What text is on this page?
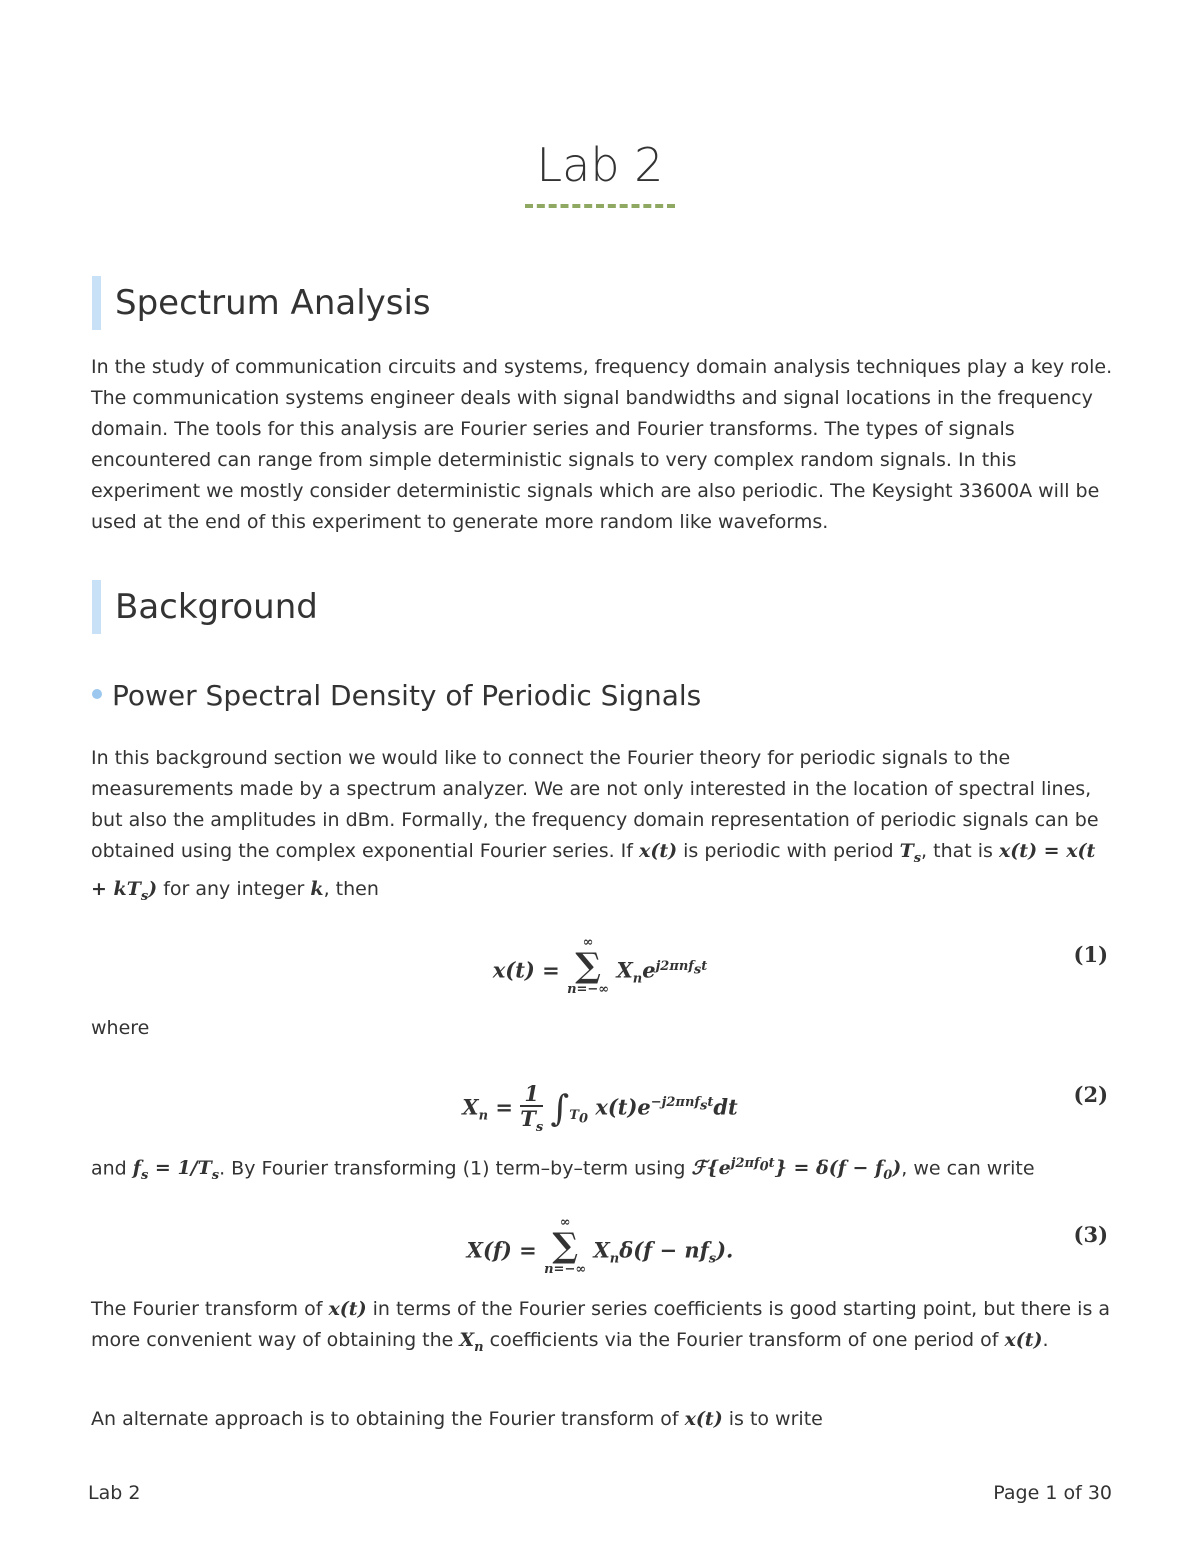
Lab 2
Spectrum Analysis
In the study of communication circuits and systems, frequency domain analysis techniques play a key role. The communication systems engineer deals with signal bandwidths and signal locations in the frequency domain. The tools for this analysis are Fourier series and Fourier transforms. The types of signals encountered can range from simple deterministic signals to very complex random signals. In this experiment we mostly consider deterministic signals which are also periodic. The Keysight 33600A will be used at the end of this experiment to generate more random like waveforms.
Background
Power Spectral Density of Periodic Signals
In this background section we would like to connect the Fourier theory for periodic signals to the measurements made by a spectrum analyzer. We are not only interested in the location of spectral lines, but also the amplitudes in dBm. Formally, the frequency domain representation of periodic signals can be obtained using the complex exponential Fourier series. If x(t) is periodic with period $T_s$, that is $x(t) = x(t + kT_s)$ for any integer k, then
x(t) =
∞
∑
n=−∞
$X_ne^{j2\pi nf_st}$	(1)
where
$X_n = \frac{1}{T_s} \int_{T_0}$ $x(t)e^{-j2\pi nf_st}dt$	(2)
and $f_s = 1/T_s$. By Fourier transforming (1) term–by–term using $ℱ\{e^{j2\pi f_0t}\} = \delta(f - f_0)$, we can write
X(f) =
∞
∑
n=−∞
$X_n\delta(f - nf_s)$.
(3)
The Fourier transform of x(t) in terms of the Fourier series coefficients is good starting point, but there is a more convenient way of obtaining the $X_n$ coefficients via the Fourier transform of one period of x(t).
An alternate approach is to obtaining the Fourier transform of x(t) is to write
Lab 2	Page 1 of 30
